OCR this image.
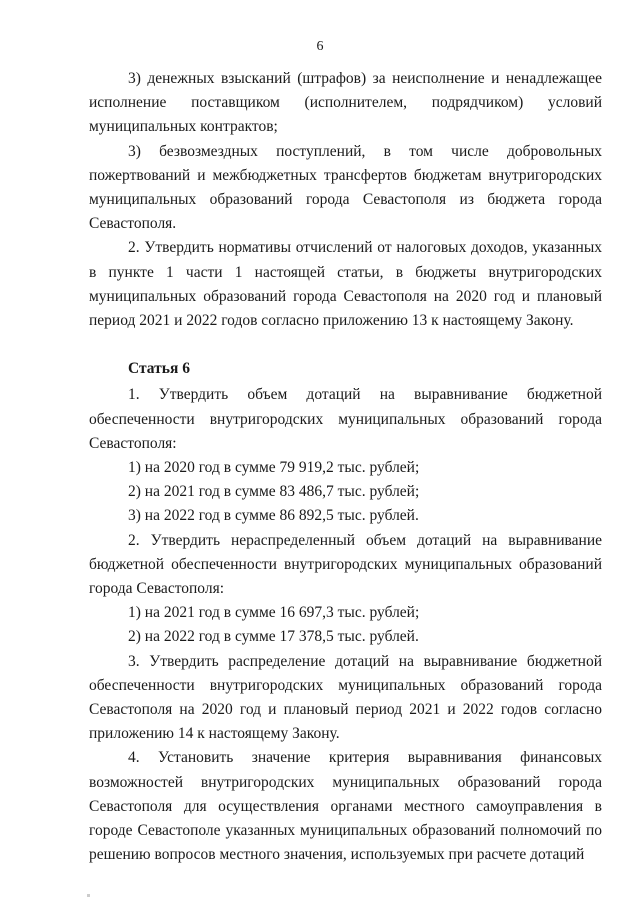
6

3) денежных взысканий (штрафов) за неисполнение и ненадлежащее исполнение поставщиком (исполнителем, подрядчиком) условий муниципальных контрактов;

3) безвозмездных поступлений, в том числе добровольных пожертвований и межбюджетных трансфертов бюджетам внутригородских муниципальных образований города Севастополя из бюджета города Севастополя.

2. Утвердить нормативы отчислений от налоговых доходов, указанных в пункте 1 части 1 настоящей статьи, в бюджеты внутригородских муниципальных образований города Севастополя на 2020 год и плановый период 2021 и 2022 годов согласно приложению 13 к настоящему Закону.

Статья 6

1. Утвердить объем дотаций на выравнивание бюджетной обеспеченности внутригородских муниципальных образований города Севастополя:

1) на 2020 год в сумме 79 919,2 тыс. рублей;

2) на 2021 год в сумме 83 486,7 тыс. рублей;

3) на 2022 год в сумме 86 892,5 тыс. рублей.

2. Утвердить нераспределенный объем дотаций на выравнивание бюджетной обеспеченности внутригородских муниципальных образований города Севастополя:

1) на 2021 год в сумме 16 697,3 тыс. рублей;

2) на 2022 год в сумме 17 378,5 тыс. рублей.

3. Утвердить распределение дотаций на выравнивание бюджетной обеспеченности внутригородских муниципальных образований города Севастополя на 2020 год и плановый период 2021 и 2022 годов согласно приложению 14 к настоящему Закону.

4. Установить значение критерия выравнивания финансовых возможностей внутригородских муниципальных образований города Севастополя для осуществления органами местного самоуправления в городе Севастополе указанных муниципальных образований полномочий по решению вопросов местного значения, используемых при расчете дотаций
